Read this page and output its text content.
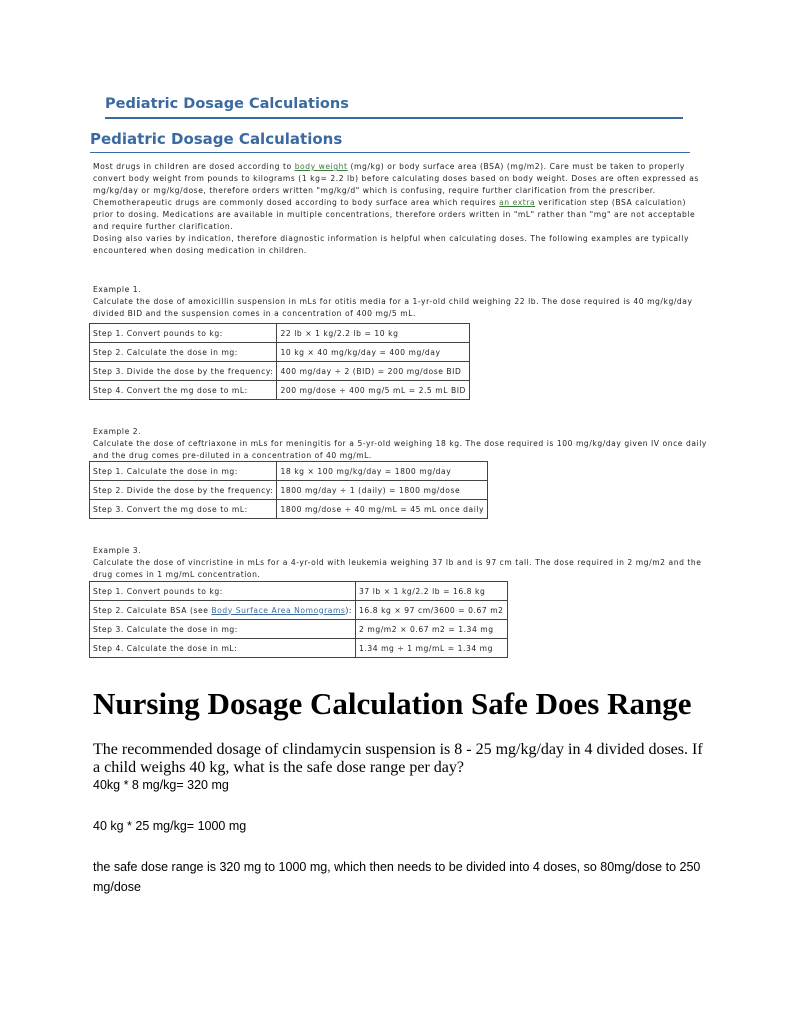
Pediatric Dosage Calculations
Pediatric Dosage Calculations
Most drugs in children are dosed according to body weight (mg/kg) or body surface area (BSA) (mg/m2). Care must be taken to properly convert body weight from pounds to kilograms (1 kg= 2.2 lb) before calculating doses based on body weight. Doses are often expressed as mg/kg/day or mg/kg/dose, therefore orders written "mg/kg/d" which is confusing, require further clarification from the prescriber.
Chemotherapeutic drugs are commonly dosed according to body surface area which requires an extra verification step (BSA calculation) prior to dosing. Medications are available in multiple concentrations, therefore orders written in "mL" rather than "mg" are not acceptable and require further clarification.
Dosing also varies by indication, therefore diagnostic information is helpful when calculating doses. The following examples are typically encountered when dosing medication in children.
Example 1.
Calculate the dose of amoxicillin suspension in mLs for otitis media for a 1-yr-old child weighing 22 lb. The dose required is 40 mg/kg/day divided BID and the suspension comes in a concentration of 400 mg/5 mL.
Step 1. Convert pounds to kg:	22 lb × 1 kg/2.2 lb = 10 kg
Step 2. Calculate the dose in mg:	10 kg × 40 mg/kg/day = 400 mg/day
Step 3. Divide the dose by the frequency:	400 mg/day ÷ 2 (BID) = 200 mg/dose BID
Step 4. Convert the mg dose to mL:	200 mg/dose ÷ 400 mg/5 mL = 2.5 mL BID
Example 2.
Calculate the dose of ceftriaxone in mLs for meningitis for a 5-yr-old weighing 18 kg. The dose required is 100 mg/kg/day given IV once daily and the drug comes pre-diluted in a concentration of 40 mg/mL.
Step 1. Calculate the dose in mg:	18 kg × 100 mg/kg/day = 1800 mg/day
Step 2. Divide the dose by the frequency:	1800 mg/day ÷ 1 (daily) = 1800 mg/dose
Step 3. Convert the mg dose to mL:	1800 mg/dose ÷ 40 mg/mL = 45 mL once daily
Example 3.
Calculate the dose of vincristine in mLs for a 4-yr-old with leukemia weighing 37 lb and is 97 cm tall. The dose required in 2 mg/m2 and the drug comes in 1 mg/mL concentration.
Step 1. Convert pounds to kg:	37 lb × 1 kg/2.2 lb = 16.8 kg
Step 2. Calculate BSA (see Body Surface Area Nomograms):	16.8 kg × 97 cm/3600 = 0.67 m2
Step 3. Calculate the dose in mg:	2 mg/m2 × 0.67 m2 = 1.34 mg
Step 4. Calculate the dose in mL:	1.34 mg ÷ 1 mg/mL = 1.34 mg
Nursing Dosage Calculation Safe Does Range
The recommended dosage of clindamycin suspension is 8 - 25 mg/kg/day in 4 divided doses. If a child weighs 40 kg, what is the safe dose range per day?
40kg * 8 mg/kg= 320 mg
40 kg * 25 mg/kg= 1000 mg
the safe dose range is 320 mg to 1000 mg, which then needs to be divided into 4 doses, so 80mg/dose to 250 mg/dose
